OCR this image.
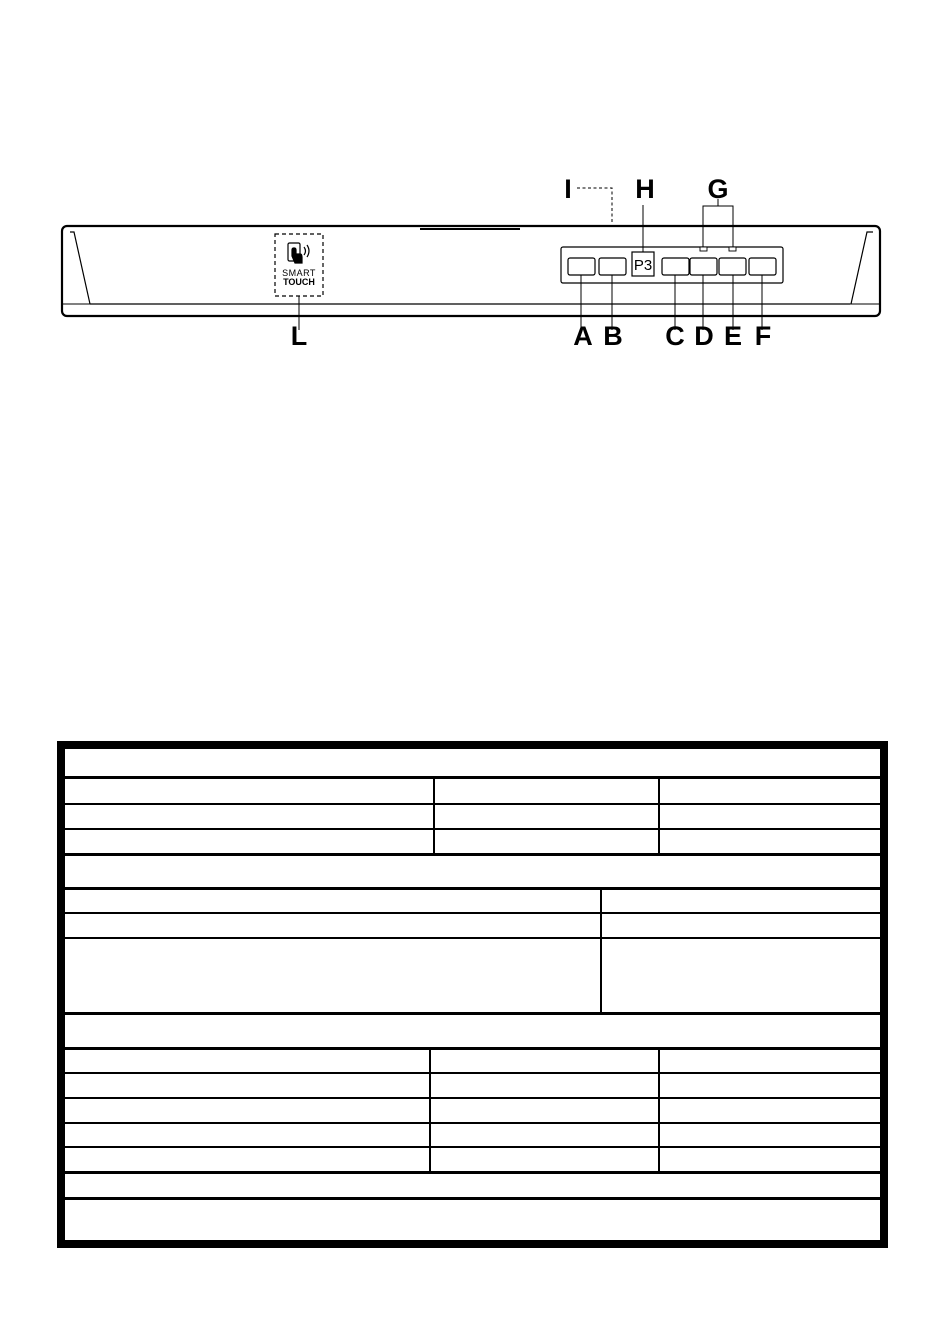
P3
SMART
TOUCH
A B C D E F
G
H
I
L
